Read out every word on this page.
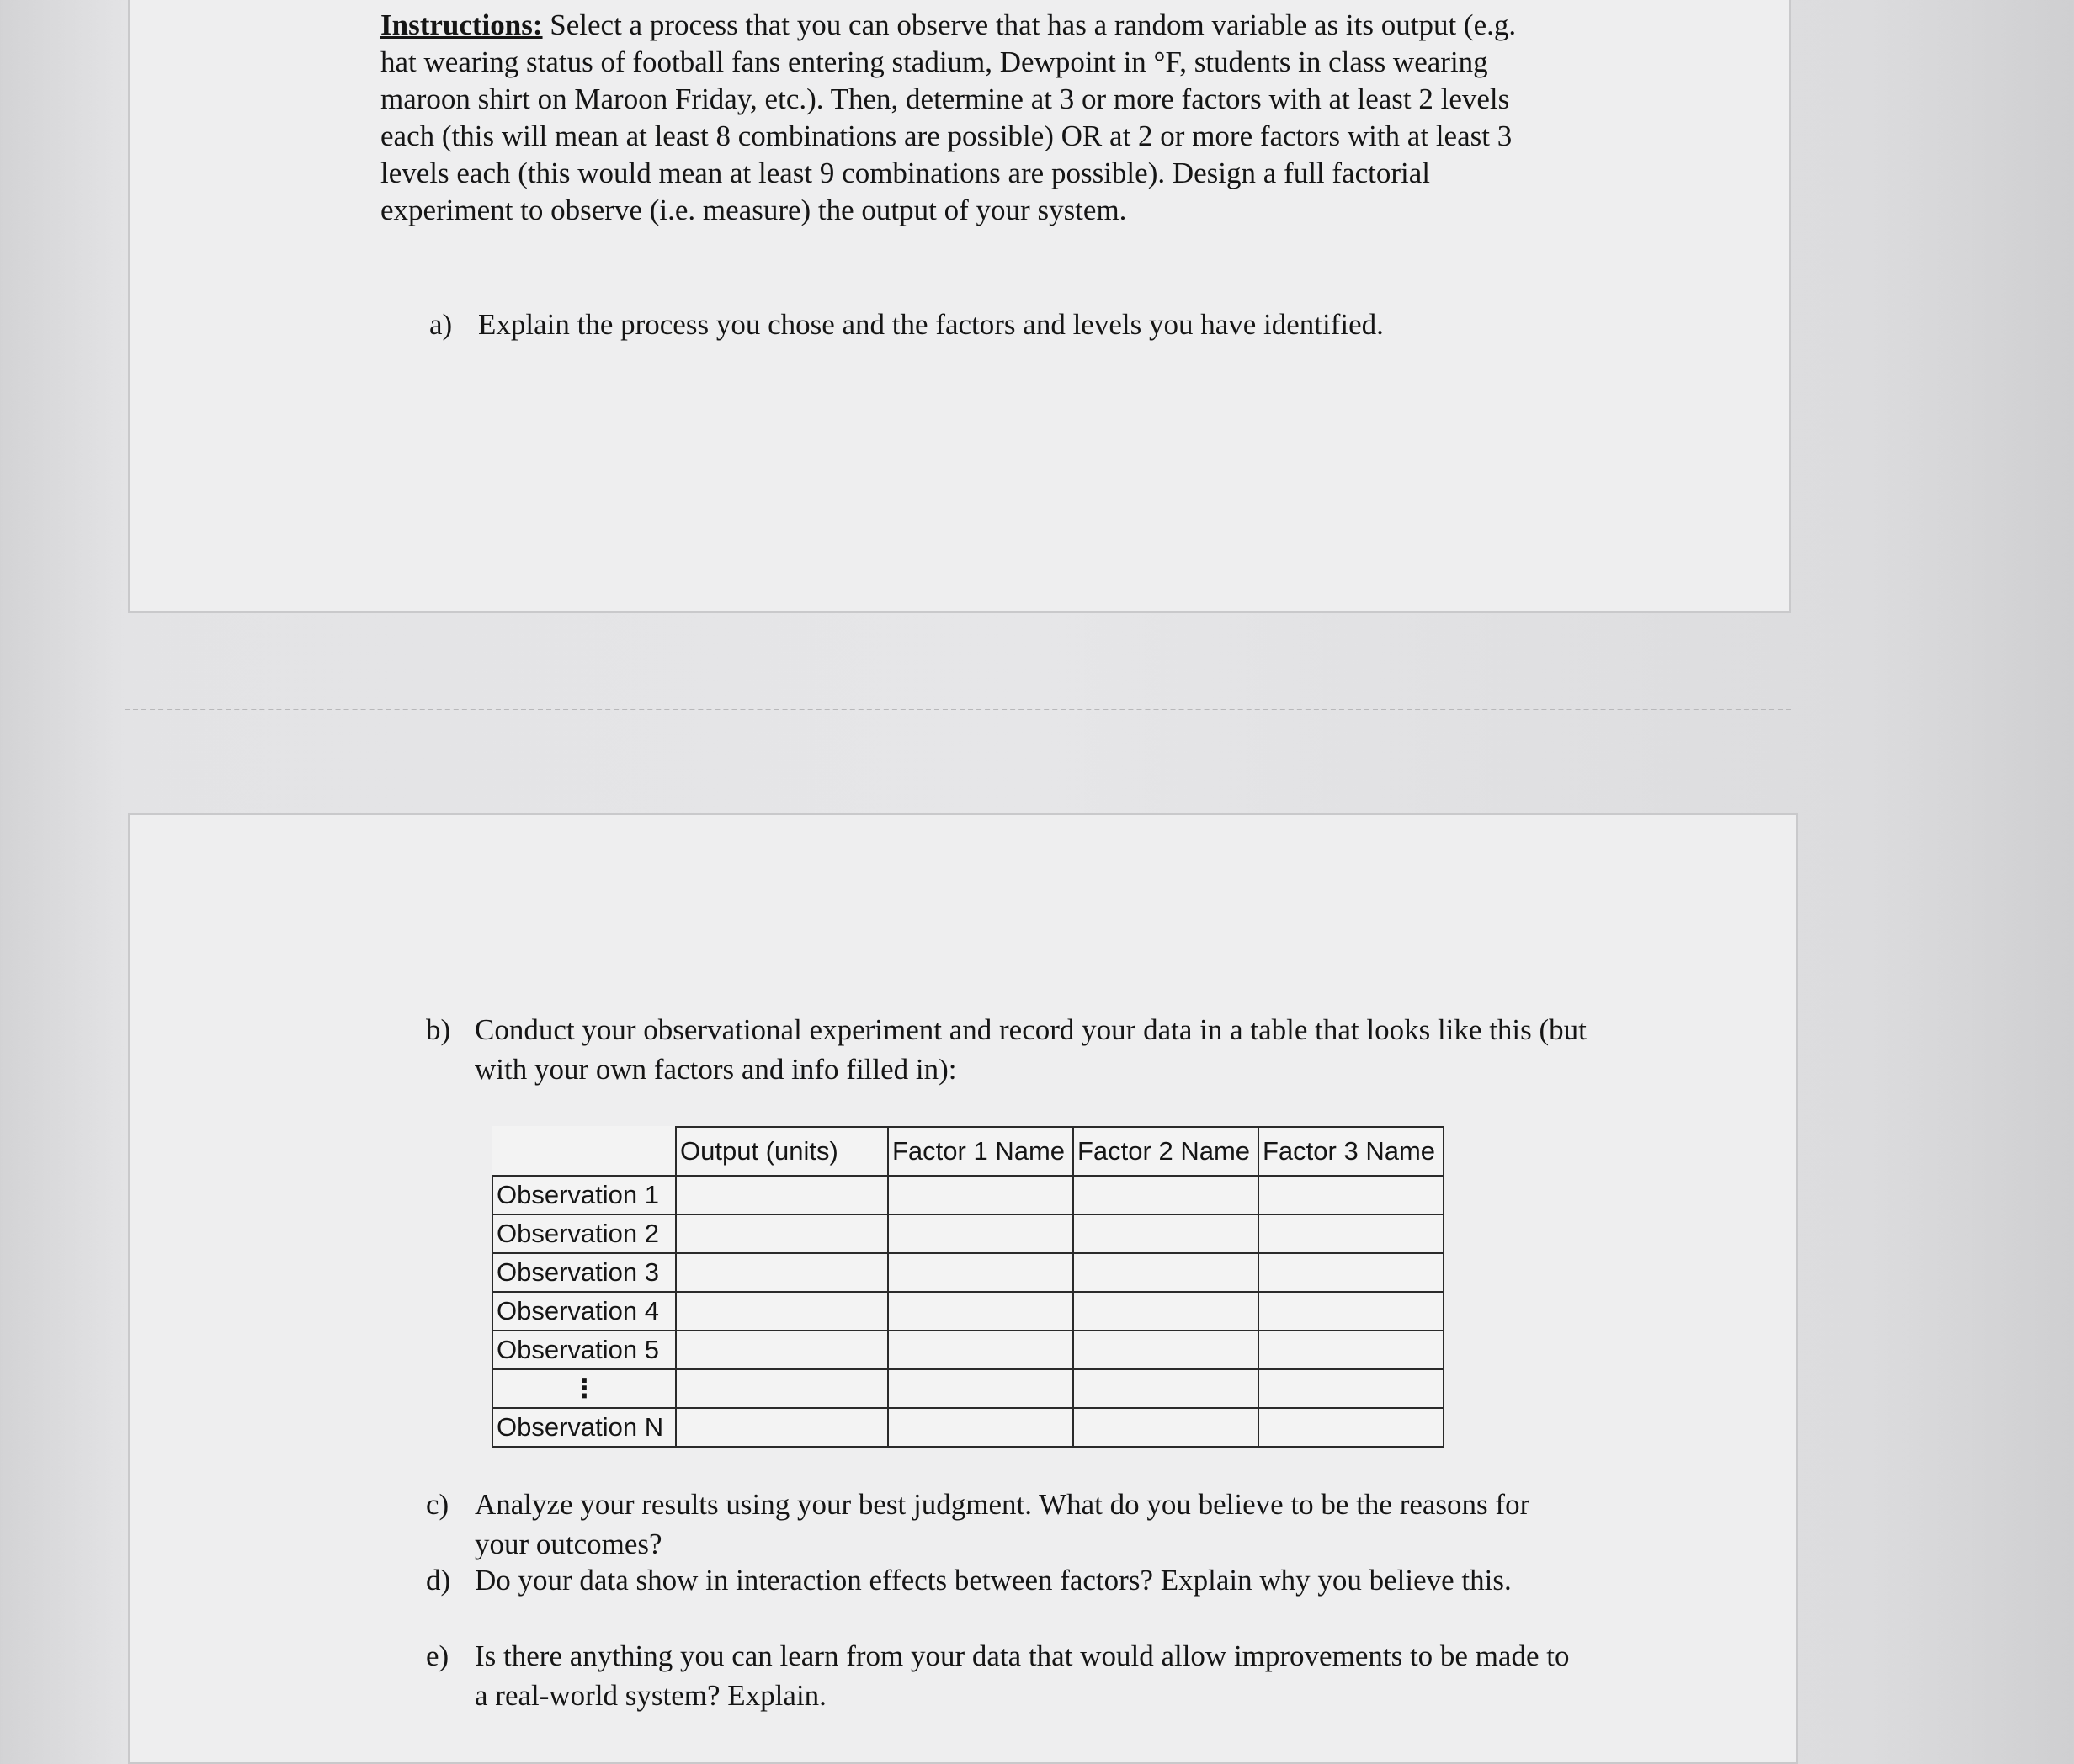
Instructions: Select a process that you can observe that has a random variable as its output (e.g. hat wearing status of football fans entering stadium, Dewpoint in °F, students in class wearing maroon shirt on Maroon Friday, etc.). Then, determine at 3 or more factors with at least 2 levels each (this will mean at least 8 combinations are possible) OR at 2 or more factors with at least 3 levels each (this would mean at least 9 combinations are possible). Design a full factorial experiment to observe (i.e. measure) the output of your system.

a) Explain the process you chose and the factors and levels you have identified.

b) Conduct your observational experiment and record your data in a table that looks like this (but with your own factors and info filled in):

	Output (units)	Factor 1 Name	Factor 2 Name	Factor 3 Name
Observation 1				
Observation 2				
Observation 3				
Observation 4				
Observation 5				
⋮				
Observation N				

c) Analyze your results using your best judgment. What do you believe to be the reasons for your outcomes?

d) Do your data show in interaction effects between factors? Explain why you believe this.

e) Is there anything you can learn from your data that would allow improvements to be made to a real-world system? Explain.
